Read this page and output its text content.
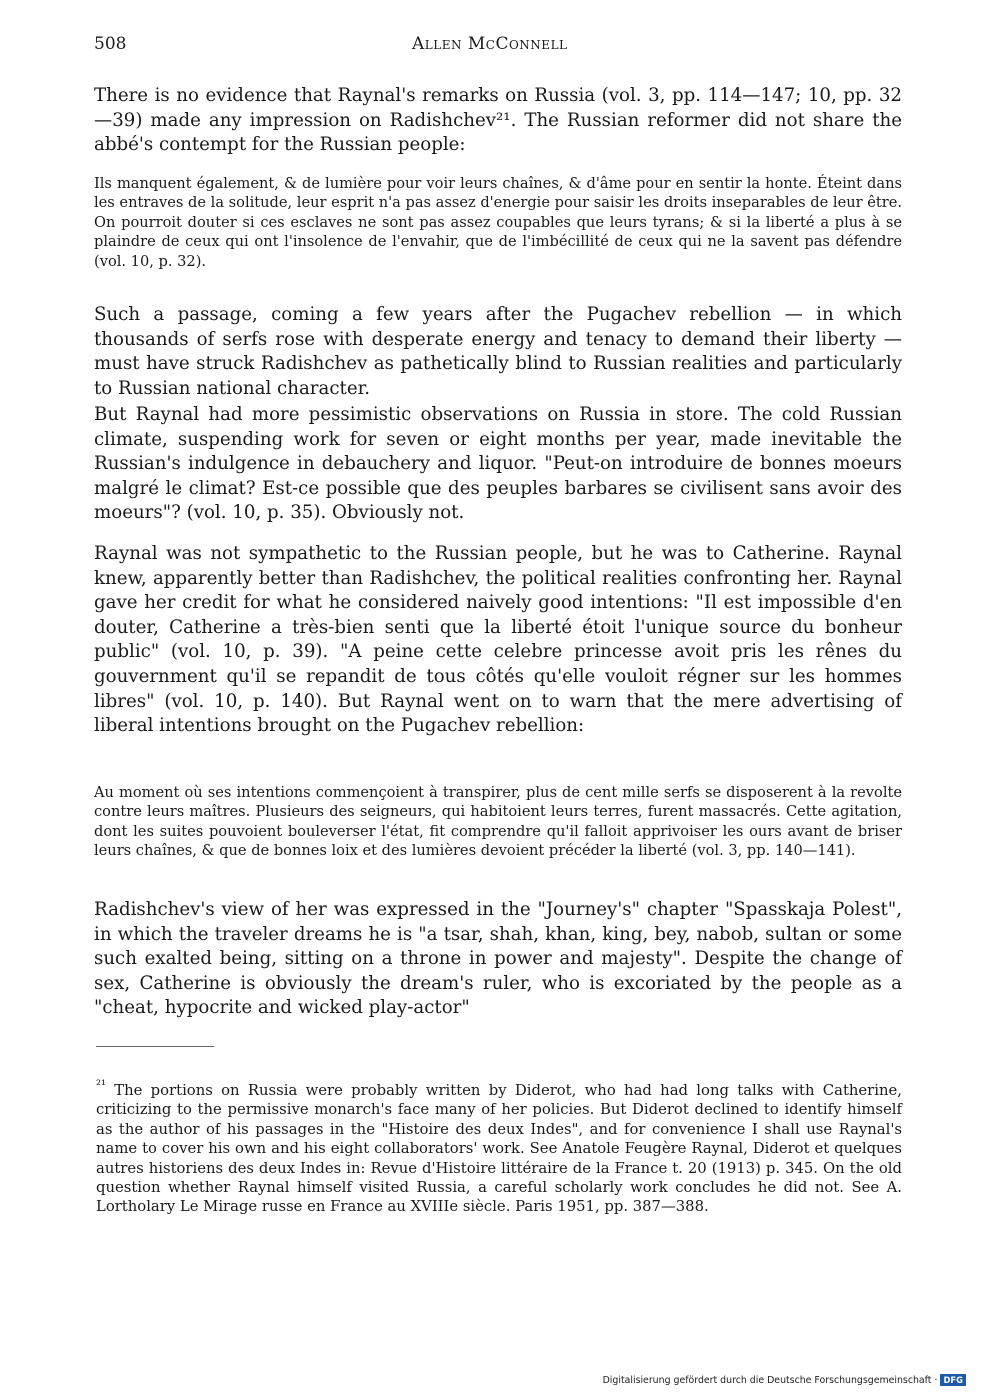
508	Allen McConnell
There is no evidence that Raynal's remarks on Russia (vol. 3, pp. 114—147; 10, pp. 32—39) made any impression on Radishchev²¹. The Russian reformer did not share the abbé's contempt for the Russian people:
Ils manquent également, & de lumière pour voir leurs chaînes, & d'âme pour en sentir la honte. Éteint dans les entraves de la solitude, leur esprit n'a pas assez d'energie pour saisir les droits inseparables de leur être. On pourroit douter si ces esclaves ne sont pas assez coupables que leurs tyrans; & si la liberté a plus à se plaindre de ceux qui ont l'insolence de l'envahir, que de l'imbécillité de ceux qui ne la savent pas défendre (vol. 10, p. 32).
Such a passage, coming a few years after the Pugachev rebellion — in which thousands of serfs rose with desperate energy and tenacy to demand their liberty — must have struck Radishchev as pathetically blind to Russian realities and particularly to Russian national character.
But Raynal had more pessimistic observations on Russia in store. The cold Russian climate, suspending work for seven or eight months per year, made inevitable the Russian's indulgence in debauchery and liquor. "Peut-on introduire de bonnes moeurs malgré le climat? Est-ce possible que des peuples barbares se civilisent sans avoir des moeurs"? (vol. 10, p. 35). Obviously not.
Raynal was not sympathetic to the Russian people, but he was to Catherine. Raynal knew, apparently better than Radishchev, the political realities confronting her. Raynal gave her credit for what he considered naively good intentions: "Il est impossible d'en douter, Catherine a très-bien senti que la liberté étoit l'unique source du bonheur public" (vol. 10, p. 39). "A peine cette celebre princesse avoit pris les rênes du gouvernment qu'il se repandit de tous côtés qu'elle vouloit régner sur les hommes libres" (vol. 10, p. 140). But Raynal went on to warn that the mere advertising of liberal intentions brought on the Pugachev rebellion:
Au moment où ses intentions commençoient à transpirer, plus de cent mille serfs se disposerent à la revolte contre leurs maîtres. Plusieurs des seigneurs, qui habitoient leurs terres, furent massacrés. Cette agitation, dont les suites pouvoient bouleverser l'état, fit comprendre qu'il falloit apprivoiser les ours avant de briser leurs chaînes, & que de bonnes loix et des lumières devoient précéder la liberté (vol. 3, pp. 140—141).
Radishchev's view of her was expressed in the "Journey's" chapter "Spasskaja Polest", in which the traveler dreams he is "a tsar, shah, khan, king, bey, nabob, sultan or some such exalted being, sitting on a throne in power and majesty". Despite the change of sex, Catherine is obviously the dream's ruler, who is excoriated by the people as a "cheat, hypocrite and wicked play-actor"
$^{^{21}}$ The portions on Russia were probably written by Diderot, who had had long talks with Catherine, criticizing to the permissive monarch's face many of her policies. But Diderot declined to identify himself as the author of his passages in the "Histoire des deux Indes", and for convenience I shall use Raynal's name to cover his own and his eight collaborators' work. See Anatole Feugère Raynal, Diderot et quelques autres historiens des deux Indes in: Revue d'Histoire littéraire de la France t. 20 (1913) p. 345. On the old question whether Raynal himself visited Russia, a careful scholarly work concludes he did not. See A. Lortholary Le Mirage russe en France au XVIIIe siècle. Paris 1951, pp. 387—388.
Digitalisierung gefördert durch die Deutsche Forschungsgemeinschaft · DFG
